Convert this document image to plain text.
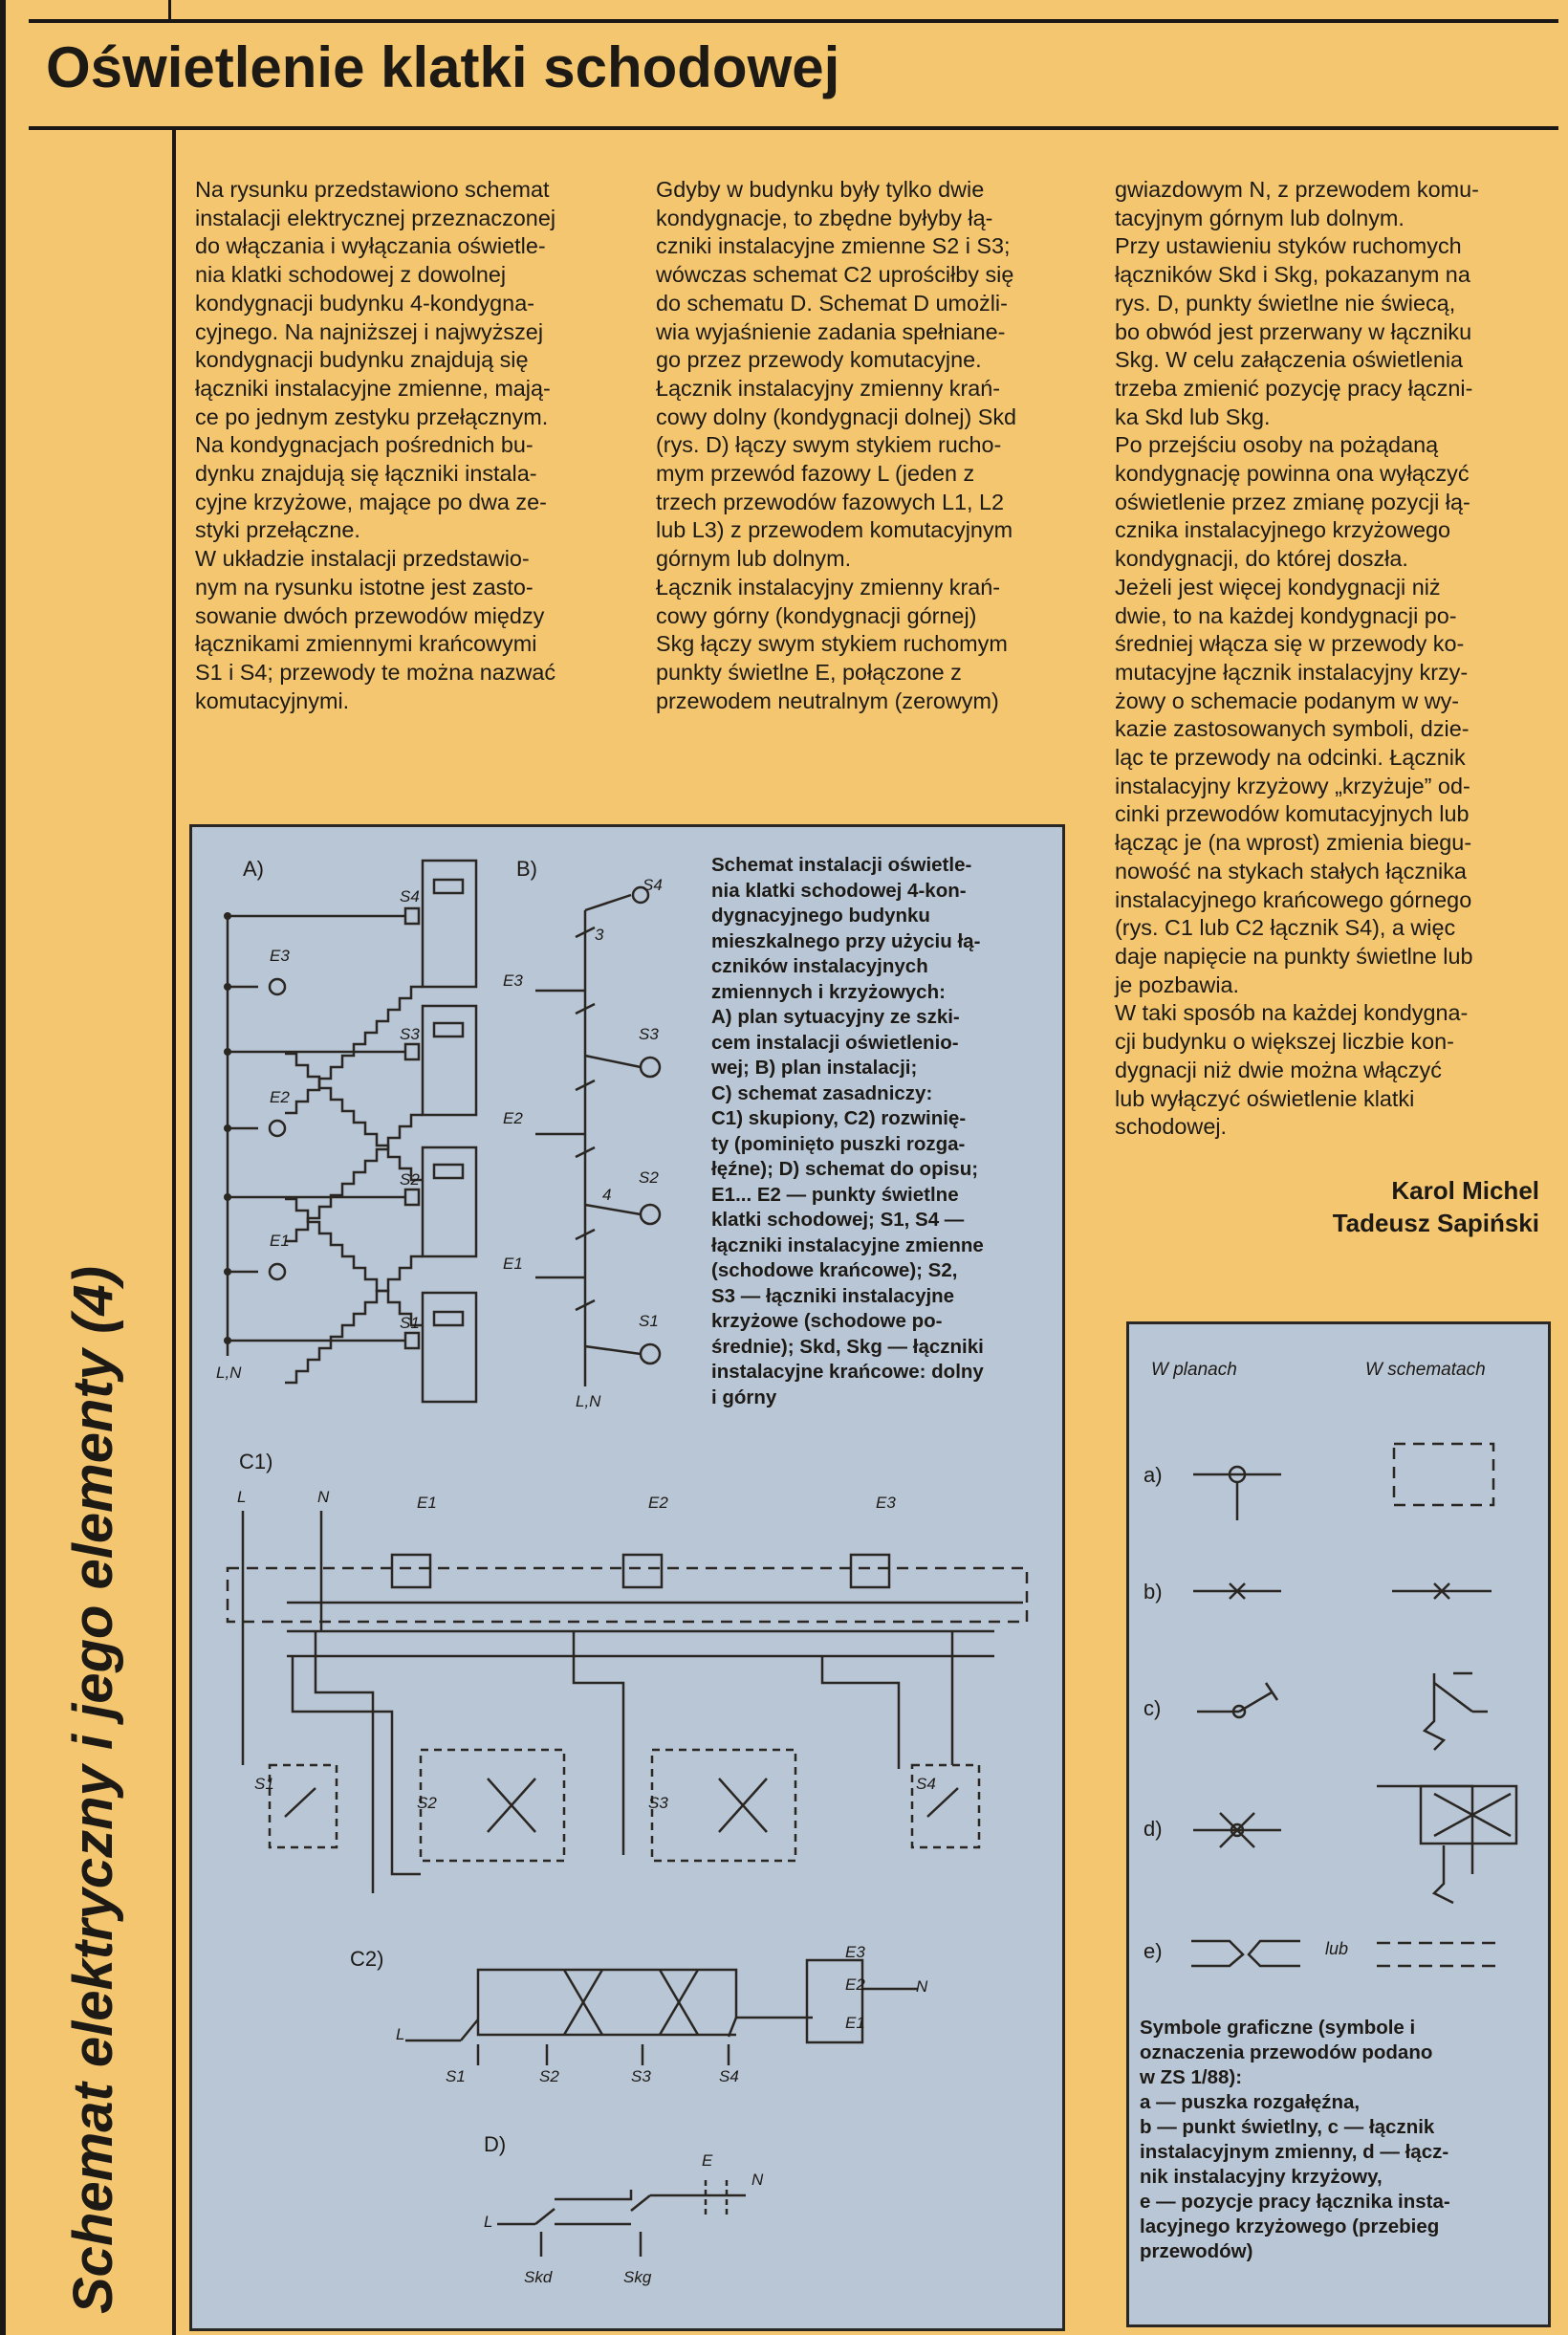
Oświetlenie klatki schodowej
Schemat elektryczny i jego elementy (4)

Na rysunku przedstawiono schemat

instalacji elektrycznej przeznaczonej

do włączania i wyłączania oświetle-

nia klatki schodowej z dowolnej

kondygnacji budynku 4-kondygna-

cyjnego. Na najniższej i najwyższej

kondygnacji budynku znajdują się

łączniki instalacyjne zmienne, mają-

ce po jednym zestyku przełącznym.

Na kondygnacjach pośrednich bu-

dynku znajdują się łączniki instala-

cyjne krzyżowe, mające po dwa ze-

styki przełączne.

W układzie instalacji przedstawio-

nym na rysunku istotne jest zasto-

sowanie dwóch przewodów między

łącznikami zmiennymi krańcowymi

S1 i S4; przewody te można nazwać

komutacyjnymi.

Gdyby w budynku były tylko dwie

kondygnacje, to zbędne byłyby łą-

czniki instalacyjne zmienne S2 i S3;

wówczas schemat C2 uprościłby się

do schematu D. Schemat D umożli-

wia wyjaśnienie zadania spełniane-

go przez przewody komutacyjne.

Łącznik instalacyjny zmienny krań-

cowy dolny (kondygnacji dolnej) Skd

(rys. D) łączy swym stykiem rucho-

mym przewód fazowy L (jeden z

trzech przewodów fazowych L1, L2

lub L3) z przewodem komutacyjnym

górnym lub dolnym.

Łącznik instalacyjny zmienny krań-

cowy górny (kondygnacji górnej)

Skg łączy swym stykiem ruchomym

punkty świetlne E, połączone z

przewodem neutralnym (zerowym)

gwiazdowym N, z przewodem komu-

tacyjnym górnym lub dolnym.

Przy ustawieniu styków ruchomych

łączników Skd i Skg, pokazanym na

rys. D, punkty świetlne nie świecą,

bo obwód jest przerwany w łączniku

Skg. W celu załączenia oświetlenia

trzeba zmienić pozycję pracy łączni-

ka Skd lub Skg.

Po przejściu osoby na pożądaną

kondygnację powinna ona wyłączyć

oświetlenie przez zmianę pozycji łą-

cznika instalacyjnego krzyżowego

kondygnacji, do której doszła.

Jeżeli jest więcej kondygnacji niż

dwie, to na każdej kondygnacji po-

średniej włącza się w przewody ko-

mutacyjne łącznik instalacyjny krzy-

żowy o schemacie podanym w wy-

kazie zastosowanych symboli, dzie-

ląc te przewody na odcinki. Łącznik

instalacyjny krzyżowy „krzyżuje” od-

cinki przewodów komutacyjnych lub

łącząc je (na wprost) zmienia biegu-

nowość na stykach stałych łącznika

instalacyjnego krańcowego górnego

(rys. C1 lub C2 łącznik S4), a więc

daje napięcie na punkty świetlne lub

je pozbawia.

W taki sposób na każdej kondygna-

cji budynku o większej liczbie kon-

dygnacji niż dwie można włączyć

lub wyłączyć oświetlenie klatki

schodowej.

Karol Michel
Tadeusz Sapiński
Schemat instalacji oświetle-
nia klatki schodowej 4-kon-
dygnacyjnego budynku
mieszkalnego przy użyciu łą-
czników instalacyjnych
zmiennych i krzyżowych:
A) plan sytuacyjny ze szki-
cem instalacji oświetlenio-
wej; B) plan instalacji;
C) schemat zasadniczy:
C1) skupiony, C2) rozwinię-
ty (pominięto puszki rozga-
łęźne); D) schemat do opisu;
E1... E2 — punkty świetlne
klatki schodowej; S1, S4 —
łączniki instalacyjne zmienne
(schodowe krańcowe); S2,
S3 — łączniki instalacyjne
krzyżowe (schodowe po-
średnie); Skd, Skg — łączniki
instalacyjne krańcowe: dolny
i górny
A)	B)
C1)
C2)
D)
S4
S3
S2
S1
E3
E2
E1
L,N
S4
S3
S2
S1
E3
E2
E1
L,N
3
4
L	N	E1	E2	E3
S1
S2	S3
S4
L
E3
E2
E1
N
S1	S2	S3	S4
L
E
N
Skd	Skg
W planach	W schematach
a)
b)
c)
d)
e)	lub
Symbole graficzne (symbole i
oznaczenia przewodów podano
w ZS 1/88):
a — puszka rozgałęźna,
b — punkt świetlny, c — łącznik
instalacyjnym zmienny, d — łącz-
nik instalacyjny krzyżowy,
e — pozycje pracy łącznika insta-
lacyjnego krzyżowego (przebieg
przewodów)
